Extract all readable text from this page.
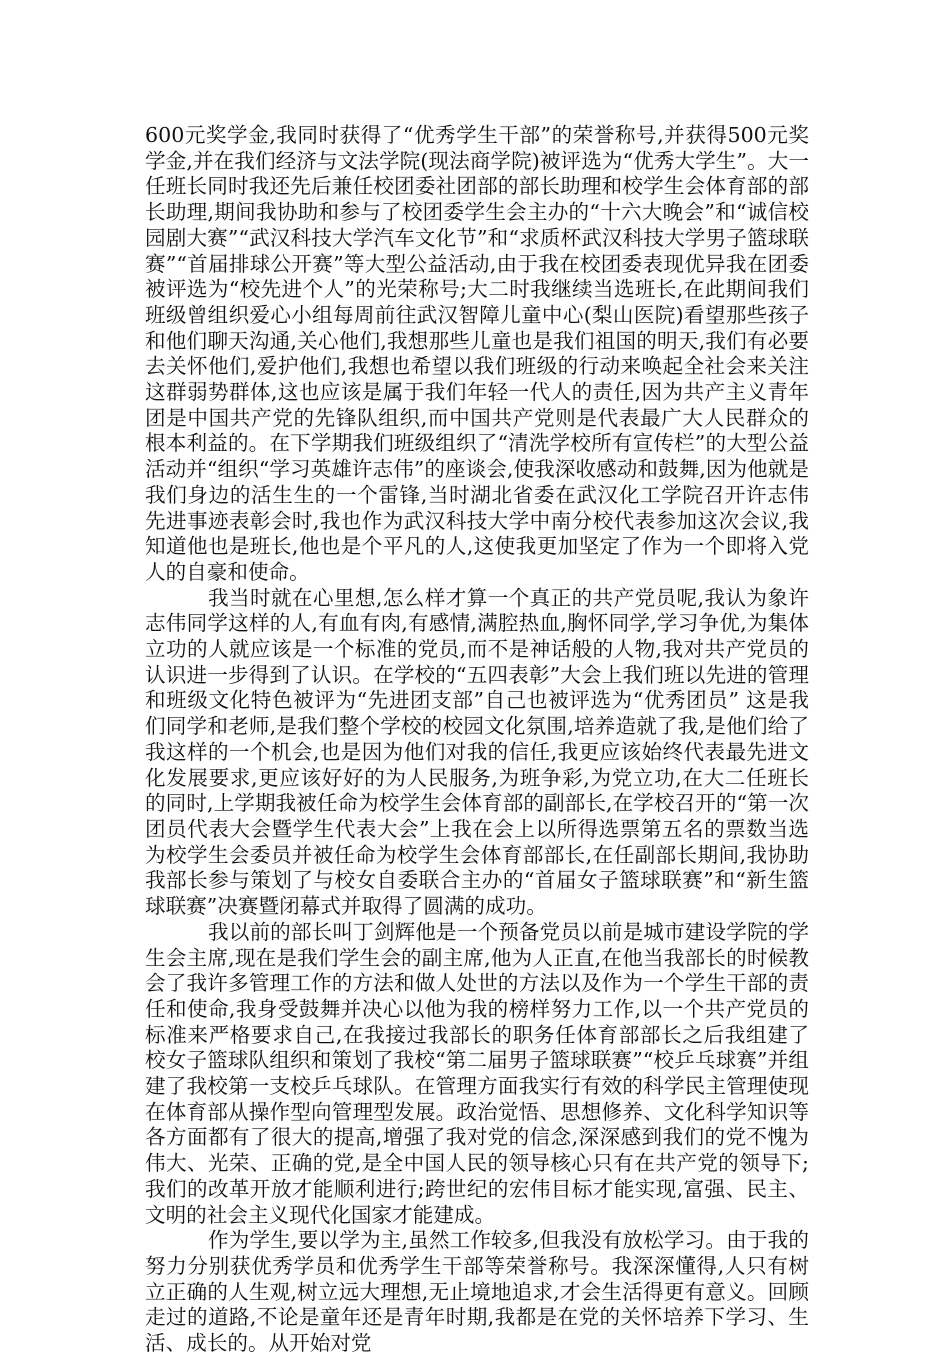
600元奖学金,我同时获得了“优秀学生干部”的荣誉称号,并获得500元奖学金,并在我们经济与文法学院(现法商学院)被评选为“优秀大学生”。大一任班长同时我还先后兼任校团委社团部的部长助理和校学生会体育部的部长助理,期间我协助和参与了校团委学生会主办的“十六大晚会”和“诚信校园剧大赛”“武汉科技大学汽车文化节”和“求质杯武汉科技大学男子篮球联赛”“首届排球公开赛”等大型公益活动,由于我在校团委表现优异我在团委被评选为“校先进个人”的光荣称号;大二时我继续当选班长,在此期间我们班级曾组织爱心小组每周前往武汉智障儿童中心(梨山医院)看望那些孩子和他们聊天沟通,关心他们,我想那些儿童也是我们祖国的明天,我们有必要去关怀他们,爱护他们,我想也希望以我们班级的行动来唤起全社会来关注这群弱势群体,这也应该是属于我们年轻一代人的责任,因为共产主义青年团是中国共产党的先锋队组织,而中国共产党则是代表最广大人民群众的根本利益的。在下学期我们班级组织了“清洗学校所有宣传栏”的大型公益活动并“组织“学习英雄许志伟”的座谈会,使我深收感动和鼓舞,因为他就是我们身边的活生生的一个雷锋,当时湖北省委在武汉化工学院召开许志伟先进事迹表彰会时,我也作为武汉科技大学中南分校代表参加这次会议,我知道他也是班长,他也是个平凡的人,这使我更加坚定了作为一个即将入党人的自豪和使命。

我当时就在心里想,怎么样才算一个真正的共产党员呢,我认为象许志伟同学这样的人,有血有肉,有感情,满腔热血,胸怀同学,学习争优,为集体立功的人就应该是一个标准的党员,而不是神话般的人物,我对共产党员的认识进一步得到了认识。在学校的“五四表彰”大会上我们班以先进的管理和班级文化特色被评为“先进团支部”自己也被评选为“优秀团员” 这是我们同学和老师,是我们整个学校的校园文化氛围,培养造就了我,是他们给了我这样的一个机会,也是因为他们对我的信任,我更应该始终代表最先进文化发展要求,更应该好好的为人民服务,为班争彩,为党立功,在大二任班长的同时,上学期我被任命为校学生会体育部的副部长,在学校召开的“第一次团员代表大会暨学生代表大会”上我在会上以所得选票第五名的票数当选为校学生会委员并被任命为校学生会体育部部长,在任副部长期间,我协助我部长参与策划了与校女自委联合主办的“首届女子篮球联赛”和“新生篮球联赛”决赛暨闭幕式并取得了圆满的成功。

我以前的部长叫丁剑辉他是一个预备党员以前是城市建设学院的学生会主席,现在是我们学生会的副主席,他为人正直,在他当我部长的时候教会了我许多管理工作的方法和做人处世的方法以及作为一个学生干部的责任和使命,我身受鼓舞并决心以他为我的榜样努力工作,以一个共产党员的标准来严格要求自己,在我接过我部长的职务任体育部部长之后我组建了校女子篮球队组织和策划了我校“第二届男子篮球联赛”“校乒乓球赛”并组建了我校第一支校乒乓球队。在管理方面我实行有效的科学民主管理使现在体育部从操作型向管理型发展。政治觉悟、思想修养、文化科学知识等各方面都有了很大的提高,增强了我对党的信念,深深感到我们的党不愧为伟大、光荣、正确的党,是全中国人民的领导核心只有在共产党的领导下;我们的改革开放才能顺利进行;跨世纪的宏伟目标才能实现,富强、民主、文明的社会主义现代化国家才能建成。

作为学生,要以学为主,虽然工作较多,但我没有放松学习。由于我的努力分别获优秀学员和优秀学生干部等荣誉称号。我深深懂得,人只有树立正确的人生观,树立远大理想,无止境地追求,才会生活得更有意义。回顾走过的道路,不论是童年还是青年时期,我都是在党的关怀培养下学习、生活、成长的。从开始对党
